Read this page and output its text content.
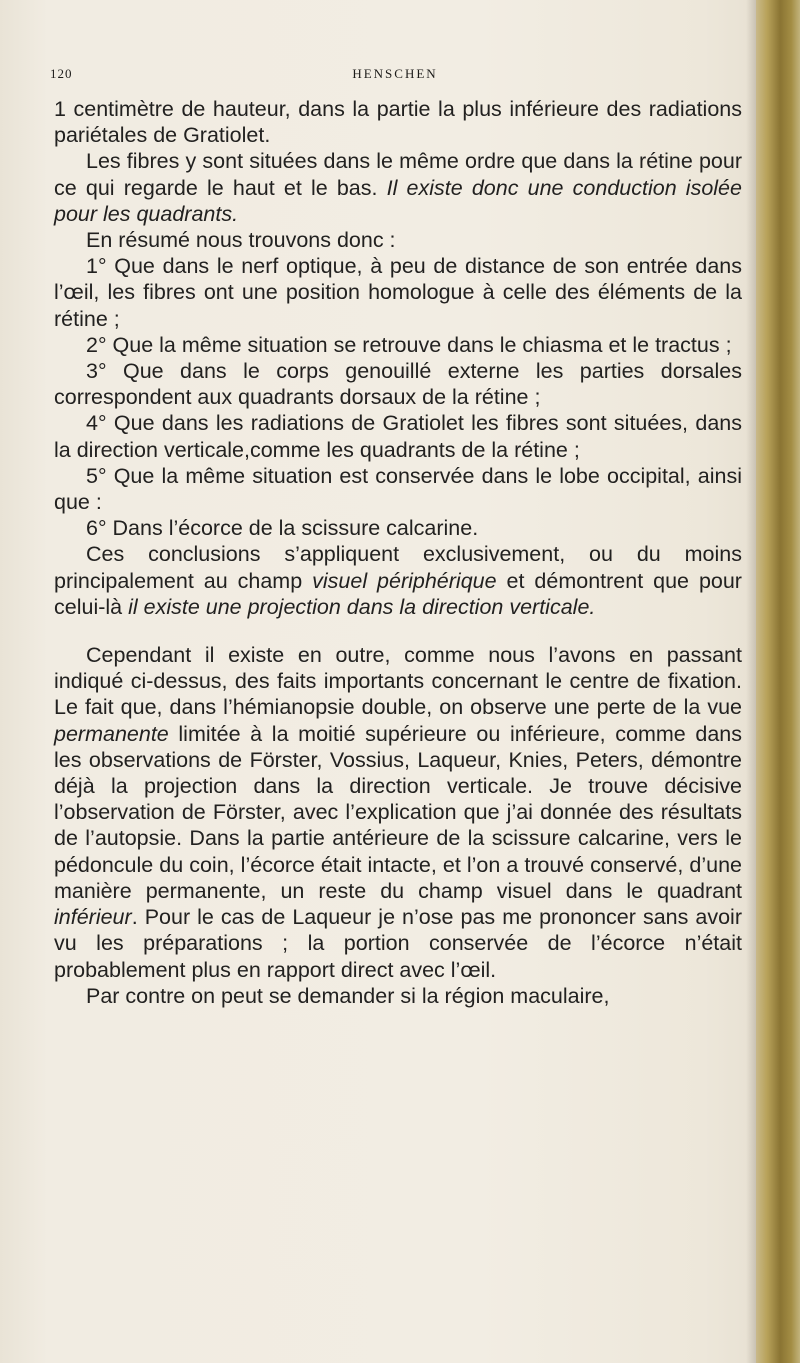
120	HENSCHEN

1 centimètre de hauteur, dans la partie la plus inférieure des radiations pariétales de Gratiolet.

Les fibres y sont situées dans le même ordre que dans la rétine pour ce qui regarde le haut et le bas. Il existe donc une conduction isolée pour les quadrants.

En résumé nous trouvons donc :

1° Que dans le nerf optique, à peu de distance de son entrée dans l’œil, les fibres ont une position homologue à celle des éléments de la rétine ;

2° Que la même situation se retrouve dans le chiasma et le tractus ;

3° Que dans le corps genouillé externe les parties dorsales correspondent aux quadrants dorsaux de la rétine ;

4° Que dans les radiations de Gratiolet les fibres sont situées, dans la direction verticale,comme les quadrants de la rétine ;

5° Que la même situation est conservée dans le lobe occipital, ainsi que :

6° Dans l’écorce de la scissure calcarine.

Ces conclusions s’appliquent exclusivement, ou du moins principalement au champ visuel périphérique et démontrent que pour celui-là il existe une projection dans la direction verticale.

Cependant il existe en outre, comme nous l’avons en passant indiqué ci-dessus, des faits importants concernant le centre de fixation. Le fait que, dans l’hémianopsie double, on observe une perte de la vue permanente limitée à la moitié supérieure ou inférieure, comme dans les observations de Förster, Vossius, Laqueur, Knies, Peters, démontre déjà la projection dans la direction verticale. Je trouve décisive l’observation de Förster, avec l’explication que j’ai donnée des résultats de l’autopsie. Dans la partie antérieure de la scissure calcarine, vers le pédoncule du coin, l’écorce était intacte, et l’on a trouvé conservé, d’une manière permanente, un reste du champ visuel dans le quadrant inférieur. Pour le cas de Laqueur je n’ose pas me prononcer sans avoir vu les préparations ; la portion conservée de l’écorce n’était probablement plus en rapport direct avec l’œil.

Par contre on peut se demander si la région maculaire,
